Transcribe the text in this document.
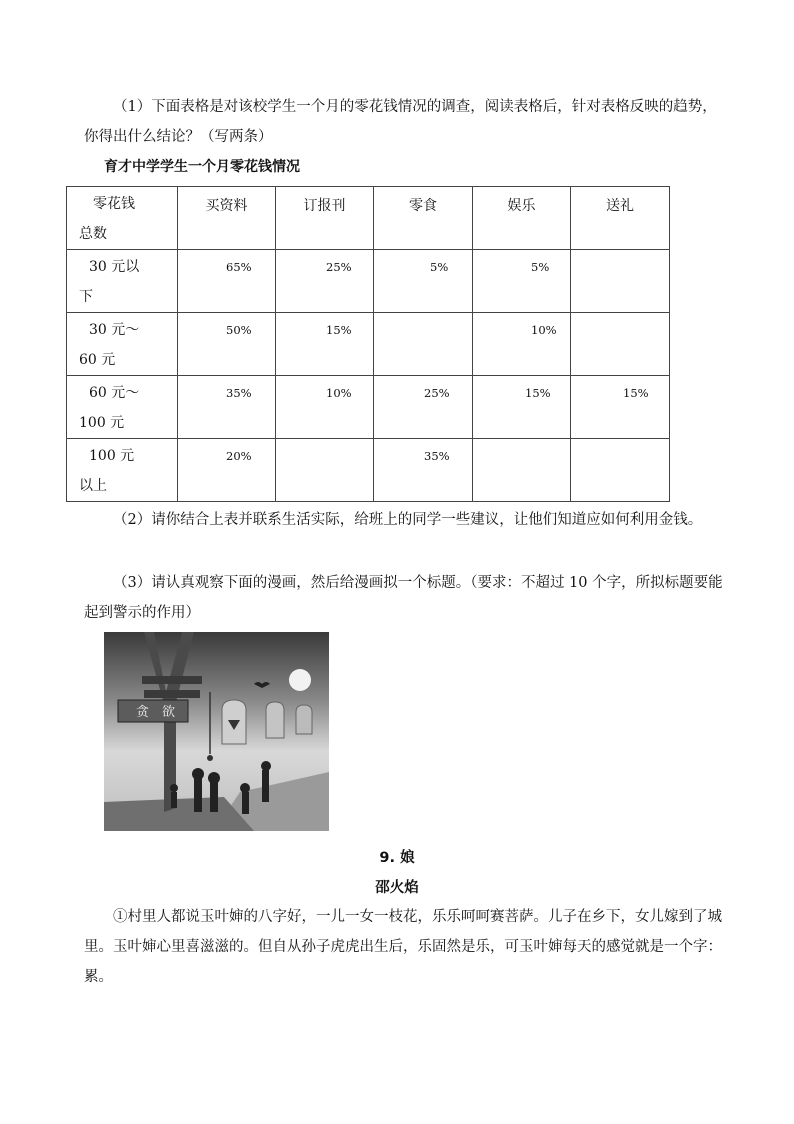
（1）下面表格是对该校学生一个月的零花钱情况的调查，阅读表格后，针对表格反映的趋势，你得出什么结论？（写两条）

育才中学学生一个月零花钱情况
零花钱
总数	买资料	订报刊	零食	娱乐	送礼

30 元以
下	65%	25%	5%	5%	

30 元～
60 元	50%	15%		10%	

60 元～
100 元	35%	10%	25%	15%	15%

100 元
以上	20%		35%		

（2）请你结合上表并联系生活实际，给班上的同学一些建议，让他们知道应如何利用金钱。

（3）请认真观察下面的漫画，然后给漫画拟一个标题。（要求：不超过 10 个字，所拟标题要能起到警示的作用）

贪 欲
9. 娘
邵火焰

①村里人都说玉叶婶的八字好，一儿一女一枝花，乐乐呵呵赛菩萨。儿子在乡下，女儿嫁到了城里。玉叶婶心里喜滋滋的。但自从孙子虎虎出生后，乐固然是乐，可玉叶婶每天的感觉就是一个字：累。
